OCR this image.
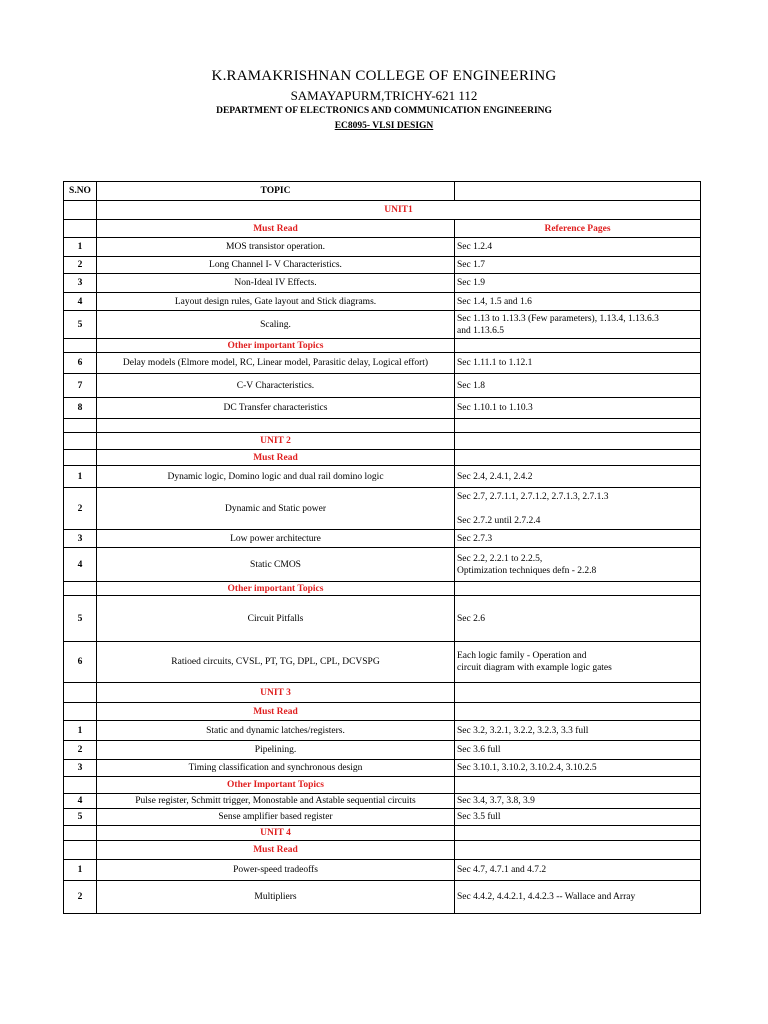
K.RAMAKRISHNAN COLLEGE OF ENGINEERING
SAMAYAPURM,TRICHY-621 112
DEPARTMENT OF ELECTRONICS AND COMMUNICATION ENGINEERING
EC8095- VLSI DESIGN
S.NO	TOPIC	
	UNIT1	
	Must Read	Reference Pages
1	MOS transistor operation.	Sec 1.2.4
2	Long Channel I- V Characteristics.	Sec 1.7
3	Non-Ideal IV Effects.	Sec 1.9
4	Layout design rules, Gate layout and Stick diagrams.	Sec 1.4, 1.5 and 1.6
5	Scaling.	Sec 1.13 to 1.13.3 (Few parameters), 1.13.4, 1.13.6.3
and 1.13.6.5

	Other important Topics	
6	Delay models (Elmore model, RC, Linear model, Parasitic delay, Logical effort)	Sec 1.11.1 to 1.12.1
7	C-V Characteristics.	Sec 1.8
8	DC Transfer characteristics	Sec 1.10.1 to 1.10.3

	UNIT 2	
	Must Read	
1	Dynamic logic, Domino logic and dual rail domino logic	Sec 2.4, 2.4.1, 2.4.2
2	Dynamic and Static power	Sec 2.7, 2.7.1.1, 2.7.1.2, 2.7.1.3, 2.7.1.3
Sec 2.7.2 until 2.7.2.4

3	Low power architecture	Sec 2.7.3
4	Static CMOS	Sec 2.2, 2.2.1 to 2.2.5,
Optimization techniques defn - 2.2.8

	Other important Topics	
5	Circuit Pitfalls	Sec 2.6
6	Ratioed circuits, CVSL, PT, TG, DPL, CPL, DCVSPG	Each logic family - Operation and
circuit diagram with example logic gates

	UNIT 3	
	Must Read	
1	Static and dynamic latches/registers.	Sec 3.2, 3.2.1, 3.2.2, 3.2.3, 3.3 full
2	Pipelining.	Sec 3.6 full
3	Timing classification and synchronous design	Sec 3.10.1, 3.10.2, 3.10.2.4, 3.10.2.5
	Other Important Topics	
4	Pulse register, Schmitt trigger, Monostable and Astable sequential circuits	Sec 3.4, 3.7, 3.8, 3.9
5	Sense amplifier based register	Sec 3.5 full
	UNIT 4	
	Must Read	
1	Power-speed tradeoffs	Sec 4.7, 4.7.1 and 4.7.2
2	Multipliers	Sec 4.4.2, 4.4.2.1, 4.4.2.3 -- Wallace and Array
